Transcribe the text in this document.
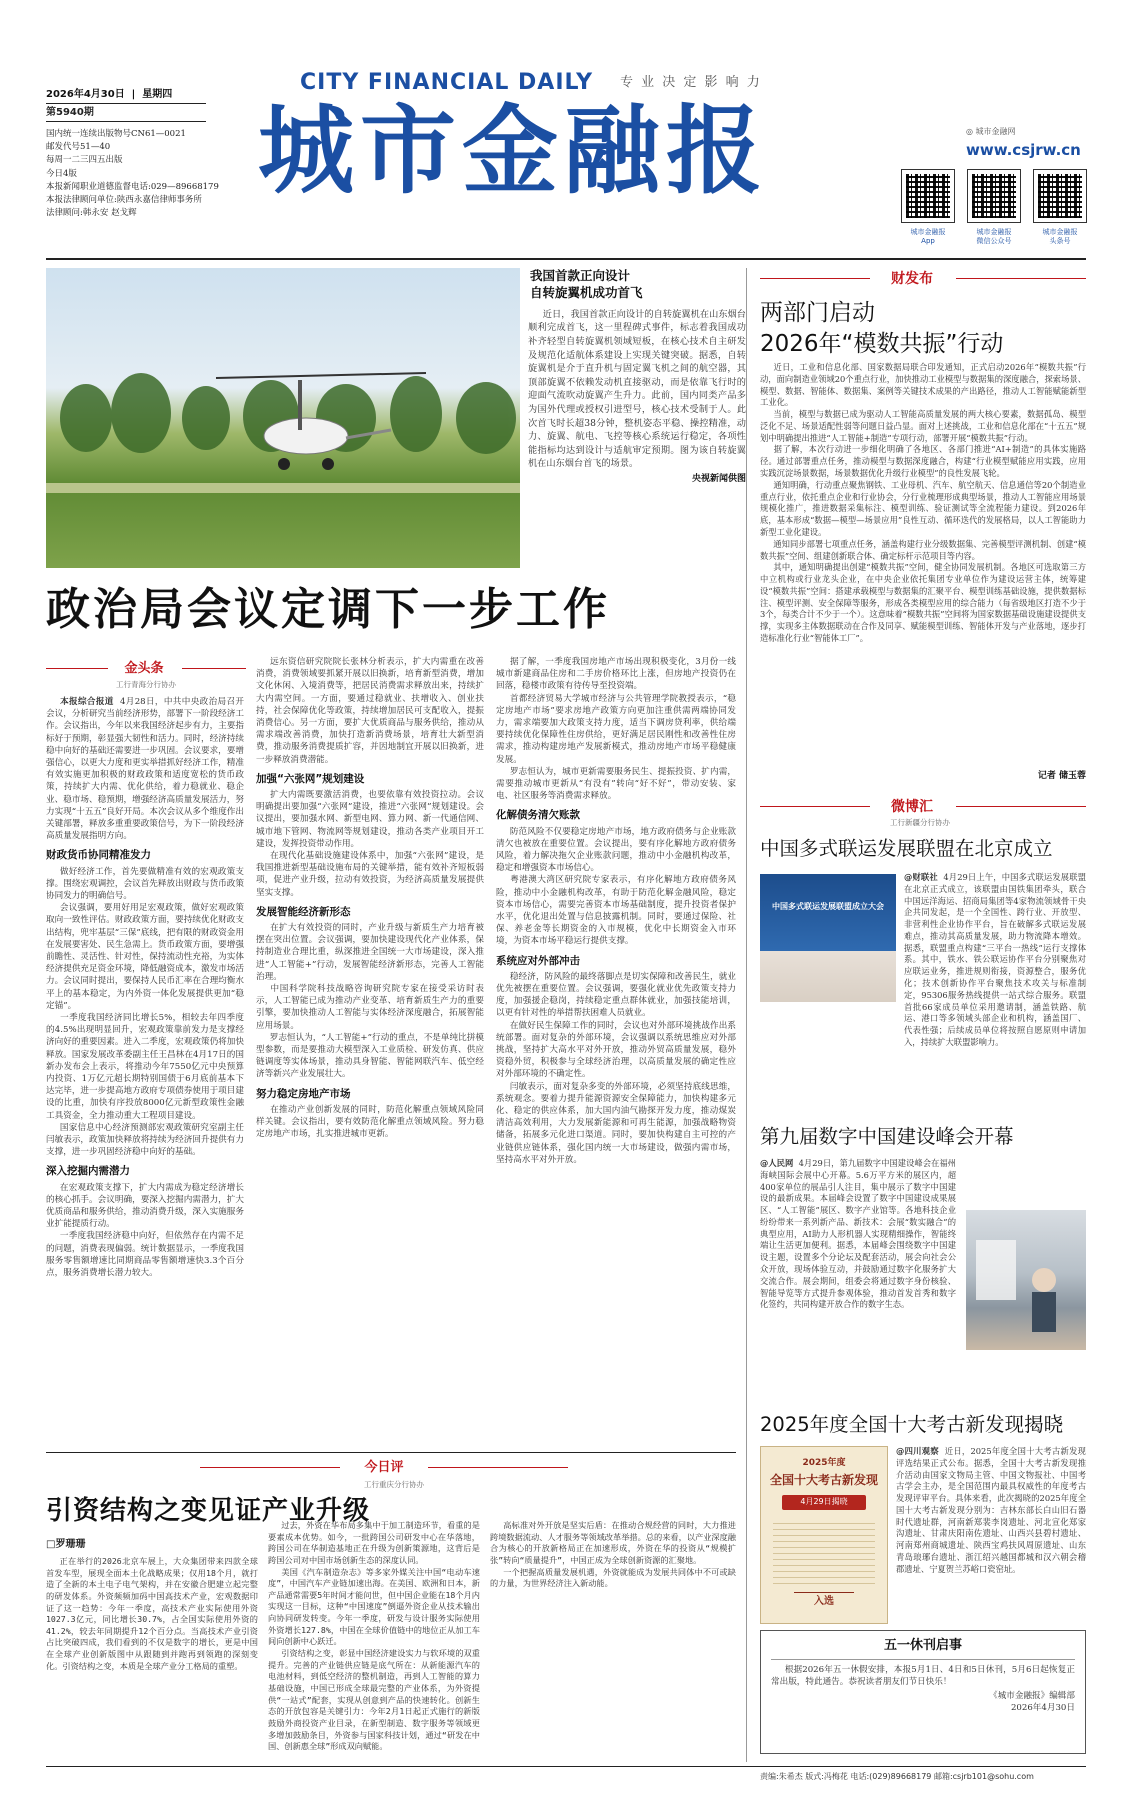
2026年4月30日  |  星期四
第5940期
国内统一连续出版物号CN61—0021
邮发代号51—40
每周一二三四五出版
今日4版
本报新闻职业道德监督电话:029—89668179
本报法律顾问单位:陕西永嘉信律师事务所
法律顾问:韩永安 赵戈辉
CITY FINANCIAL DAILY 专 业 决 定 影 响 力
城市金融报	◎ 城市金融网
www.csjrw.cn
城市金融报
App
城市金融报
微信公众号
城市金融报
头条号
我国首款正向设计
自转旋翼机成功首飞
近日，我国首款正向设计的自转旋翼机在山东烟台顺利完成首飞，这一里程碑式事件，标志着我国成功补齐轻型自转旋翼机领域短板，在核心技术自主研发及规范化适航体系建设上实现关键突破。据悉，自转旋翼机是介于直升机与固定翼飞机之间的航空器，其顶部旋翼不依赖发动机直接驱动，而是依靠飞行时的迎面气流吹动旋翼产生升力。此前，国内同类产品多为国外代理或授权引进型号，核心技术受制于人。此次首飞时长超38分钟，整机姿态平稳、操控精准，动力、旋翼、航电、飞控等核心系统运行稳定，各项性能指标均达到设计与适航审定预期。图为该自转旋翼机在山东烟台首飞的场景。
央视新闻供图
政治局会议定调下一步工作
金头条
工行青海分行协办
本报综合报道 4月28日，中共中央政治局召开会议，分析研究当前经济形势，部署下一阶段经济工作。会议指出，今年以来我国经济起步有力，主要指标好于预期，彰显强大韧性和活力。同时，经济持续稳中向好的基础还需要进一步巩固。会议要求，要增强信心，以更大力度和更实举措抓好经济工作，精准有效实施更加积极的财政政策和适度宽松的货币政策，持续扩大内需、优化供给，着力稳就业、稳企业、稳市场、稳预期，增强经济高质量发展活力，努力实现“十五五”良好开局。本次会议从多个维度作出关键部署，释放多重重要政策信号，为下一阶段经济高质量发展指明方向。
财政货币协同精准发力
做好经济工作，首先要做精准有效的宏观政策支撑。围绕宏观调控，会议首先释放出财政与货币政策协同发力的明确信号。
会议强调，要用好用足宏观政策，做好宏观政策取向一致性评估。财政政策方面，要持续优化财政支出结构，兜牢基层“三保”底线，把有限的财政资金用在发展要害处、民生急需上。货币政策方面，要增强前瞻性、灵活性、针对性，保持流动性充裕，为实体经济提供充足资金环境，降低融资成本，激发市场活力。会议同时提出，要保持人民币汇率在合理均衡水平上的基本稳定，为内外资一体化发展提供更加“稳定锚”。
一季度我国经济同比增长5%，相较去年四季度的4.5%出现明显回升，宏观政策靠前发力是支撑经济向好的重要因素。进入二季度，宏观政策仍将加快释放。国家发展改革委副主任王昌林在4月17日的国新办发布会上表示，将推动今年7550亿元中央预算内投资、1万亿元超长期特别国债于6月底前基本下达完毕，进一步提高地方政府专项债券使用于项目建设的比重，加快有序投放8000亿元新型政策性金融工具资金，全力推动重大工程项目建设。
国家信息中心经济预测部宏观政策研究室副主任闫敏表示，政策加快释放将持续为经济回升提供有力支撑，进一步巩固经济稳中向好的基础。
深入挖掘内需潜力
在宏观政策支撑下，扩大内需成为稳定经济增长的核心抓手。会议明确，要深入挖掘内需潜力，扩大优质商品和服务供给，推动消费升级，深入实施服务业扩能提质行动。
一季度我国经济稳中向好，但依然存在内需不足的问题，消费表现偏弱。统计数据显示，一季度我国服务零售额增速比同期商品零售额增速快3.3个百分点，服务消费增长潜力较大。
远东资信研究院院长张林分析表示，扩大内需重在改善消费，消费领域要抓紧开展以旧换新，培育新型消费，增加文化休闲、入境消费等，把居民消费需求释放出来，持续扩大内需空间。一方面，要通过稳就业、扶增收入、创业扶持，社会保障优化等政策，持续增加居民可支配收入，提振消费信心。另一方面，要扩大优质商品与服务供给，推动从需求端改善消费，加快打造新消费场景，培育壮大新型消费，推动服务消费提质扩容，并因地制宜开展以旧换新，进一步释放消费潜能。
加强“六张网”规划建设
扩大内需既要激活消费，也要依靠有效投资拉动。会议明确提出要加强“六张网”建设，推进“六张网”规划建设。会议提出，要加强水网、新型电网、算力网、新一代通信网、城市地下管网、物流网等规划建设，推动各类产业项目开工建设，发挥投资带动作用。
在现代化基础设施建设体系中，加强“六张网”建设，是我国推进新型基础设施布局的关键举措，能有效补齐短板弱项，促进产业升级，拉动有效投资，为经济高质量发展提供坚实支撑。
发展智能经济新形态
在扩大有效投资的同时，产业升级与新质生产力培育被摆在突出位置。会议强调，要加快建设现代化产业体系，保持制造业合理比重，纵深推进全国统一大市场建设，深入推进“人工智能+”行动，发展智能经济新形态，完善人工智能治理。
中国科学院科技战略咨询研究院专家在接受采访时表示，人工智能已成为推动产业变革、培育新质生产力的重要引擎，要加快推动人工智能与实体经济深度融合，拓展智能应用场景。
罗志恒认为，“人工智能+”行动的重点，不是单纯比拼模型参数，而是要推动大模型深入工业质检、研发仿真、供应链调度等实体场景，推动具身智能、智能网联汽车、低空经济等新兴产业发展壮大。
努力稳定房地产市场
在推动产业创新发展的同时，防范化解重点领域风险同样关键。会议指出，要有效防范化解重点领域风险。努力稳定房地产市场，扎实推进城市更新。
据了解，一季度我国房地产市场出现积极变化，3月份一线城市新建商品住房和二手房价格环比上涨，但房地产投资仍在回落，稳楼市政策有待传导至投资端。
首都经济贸易大学城市经济与公共管理学院教授表示，“稳定房地产市场”要求房地产政策方向更加注重供需两端协同发力，需求端要加大政策支持力度，适当下调房贷利率，供给端要持续优化保障性住房供给，更好满足居民刚性和改善性住房需求，推动构建房地产发展新模式，推动房地产市场平稳健康发展。
罗志恒认为，城市更新需要服务民生、提振投资、扩内需，需要推动城市更新从“有没有”转向“好不好”，带动安装、家电、社区服务等消费需求释放。
化解债务清欠账款
防范风险不仅要稳定房地产市场，地方政府债务与企业账款清欠也被放在重要位置。会议提出，要有序化解地方政府债务风险，着力解决拖欠企业账款问题，推动中小金融机构改革，稳定和增强资本市场信心。
粤港澳大湾区研究院专家表示，有序化解地方政府债务风险，推动中小金融机构改革，有助于防范化解金融风险，稳定资本市场信心，需要完善资本市场基础制度，提升投资者保护水平，优化退出处置与信息披露机制。同时，要通过保险、社保、养老金等长期资金的入市规模，优化中长期资金入市环境，为资本市场平稳运行提供支撑。
系统应对外部冲击
稳经济，防风险的最终落脚点是切实保障和改善民生，就业优先被摆在重要位置。会议强调，要强化就业优先政策支持力度，加强援企稳岗，持续稳定重点群体就业，加强技能培训，以更有针对性的举措帮扶困难人员就业。
在做好民生保障工作的同时，会议也对外部环境挑战作出系统部署。面对复杂的外部环境，会议强调以系统思维应对外部挑战，坚持扩大高水平对外开放，推动外贸高质量发展，稳外资稳外贸，积极参与全球经济治理，以高质量发展的确定性应对外部环境的不确定性。
闫敏表示，面对复杂多变的外部环境，必须坚持底线思维，系统观念。要着力提升能源资源安全保障能力，加快构建多元化、稳定的供应体系，加大国内油气勘探开发力度，推动煤炭清洁高效利用，大力发展新能源和可再生能源，加强战略物资储备，拓展多元化进口渠道。同时，要加快构建自主可控的产业链供应链体系，强化国内统一大市场建设，做强内需市场，坚持高水平对外开放。
今日评
工行重庆分行协办
引资结构之变见证产业升级
□罗珊珊
正在举行的2026北京车展上，大众集团带来四款全球首发车型，展现全面本土化战略成果；仅用18个月，就打造了全新的本土电子电气架构，并在安徽合肥建立起完整的研发体系。外资频频加码中国高技术产业，宏观数据印证了这一趋势：今年一季度，高技术产业实际使用外资1027.3亿元，同比增长30.7%，占全国实际使用外资的41.2%，较去年同期提升12个百分点。当高技术产业引资占比突破四成，我们看到的不仅是数字的增长，更是中国在全球产业创新版图中从跟随到并跑再到领跑的深刻变化。引资结构之变，本质是全球产业分工格局的重塑。
过去，外资在华布局多集中于加工制造环节，看重的是要素成本优势。如今，一批跨国公司研发中心在华落地，跨国公司在华制造基地正在升级为创新策源地，这背后是跨国公司对中国市场创新生态的深度认同。
美国《汽车制造杂志》等多家外媒关注中国“电动车速度”，中国汽车产业链加速出海。在美国、欧洲和日本，新产品通常需要5年时间才能问世，但中国企业能在18个月内实现这一目标，这种“中国速度”倒逼外资企业从技术输出向协同研发转变。今年一季度，研发与设计服务实际使用外资增长127.8%，中国在全球价值链中的地位正从加工车间向创新中心跃迁。
引资结构之变，彰显中国经济建设实力与软环境的双重提升。完善的产业链供应链是底气所在：从新能源汽车的电池材料，到低空经济的整机制造，再到人工智能的算力基础设施，中国已形成全球最完整的产业体系，为外资提供“一站式”配套，实现从创意到产品的快速转化。创新生态的开放包容是关键引力：今年2月1日起正式施行的新版鼓励外商投资产业目录，在新型制造、数字服务等领域更多增加鼓励条目，外资参与国家科技计划，通过“研发在中国、创新惠全球”形成双向赋能。
高标准对外开放是坚实后盾：在推动合规经营的同时，大力推进跨境数据流动、人才服务等领域改革举措。总的来看，以产业深度融合为核心的开放新格局正在加速形成，外资在华的投资从“规模扩张”转向“质量提升”，中国正成为全球创新资源的汇聚地。
一个把握高质量发展机遇，外资就能成为发展共同体中不可或缺的力量，为世界经济注入新动能。
财发布
两部门启动
2026年“模数共振”行动
近日，工业和信息化部、国家数据局联合印发通知，正式启动2026年“模数共振”行动，面向制造业领域20个重点行业，加快推动工业模型与数据集的深度融合，探索场景、模型、数据、智能体、数据集、案例等关键技术成果的产出路径，推动人工智能赋能新型工业化。
当前，模型与数据已成为驱动人工智能高质量发展的两大核心要素，数据孤岛、模型泛化不足、场景适配性弱等问题日益凸显。面对上述挑战，工业和信息化部在“十五五”规划中明确提出推进“人工智能+制造”专项行动，部署开展“模数共振”行动。
据了解，本次行动进一步细化明确了各地区、各部门推进“AI+制造”的具体实施路径。通过部署重点任务，推动模型与数据深度融合，构建“行业模型赋能应用实践，应用实践沉淀场景数据，场景数据优化升级行业模型”的良性发展飞轮。
通知明确，行动重点聚焦钢铁、工业母机、汽车、航空航天、信息通信等20个制造业重点行业，依托重点企业和行业协会，分行业梳理形成典型场景，推动人工智能应用场景规模化推广，推进数据采集标注、模型训练、验证测试等全流程能力建设。到2026年底，基本形成“数据—模型—场景应用”良性互动、循环迭代的发展格局，以人工智能助力新型工业化建设。
通知同步部署七项重点任务，涵盖构建行业分级数据集、完善模型评测机制、创建“模数共振”空间、组建创新联合体、确定标杆示范项目等内容。
其中，通知明确提出创建“模数共振”空间，健全协同发展机制。各地区可选取第三方中立机构或行业龙头企业，在中央企业依托集团专业单位作为建设运营主体，统筹建设“模数共振”空间：搭建承载模型与数据集的汇聚平台、模型训练基础设施，提供数据标注、模型评测、安全保障等服务，形成各类模型应用的综合能力（每省级地区打造不少于3个，每类合计不少于一个）。这意味着“模数共振”空间将为国家数据基础设施建设提供支撑，实现多主体数据联动在合作及同享、赋能模型训练、智能体开发与产业落地，逐步打造标准化行业“智能体工厂”。
记者 储玉蓉
微博汇
工行新疆分行协办
中国多式联运发展联盟在北京成立
中国多式联运发展联盟成立大会
@财联社 4月29日上午，中国多式联运发展联盟在北京正式成立，该联盟由国铁集团牵头，联合中国远洋海运、招商局集团等4家物流领域骨干央企共同发起，是一个全国性、跨行业、开放型、非营利性企业协作平台，旨在破解多式联运发展难点，推动其高质量发展，助力物流降本增效。据悉，联盟重点构建“三平台一热线”运行支撑体系。其中，铁水、铁公联运协作平台分别聚焦对应联运业务，推进规则衔接，资源整合，服务优化；技术创新协作平台聚焦技术攻关与标准制定，95306服务热线提供一站式综合服务。联盟首批66家成员单位采用邀请制，涵盖铁路、航运、港口等多领域头部企业和机构，涵盖国厂、代表性强；后续成员单位将按照自愿原则申请加入，持续扩大联盟影响力。
第九届数字中国建设峰会开幕
@人民网 4月29日，第九届数字中国建设峰会在福州海峡国际会展中心开幕。5.6万平方米的展区内，超400家单位的展品引人注目，集中展示了数字中国建设的最新成果。本届峰会设置了数字中国建设成果展区、“人工智能”展区、数字产业馆等。各地科技企业纷纷带来一系列新产品、新技术：会展“数实融合”的典型应用，AI助力人形机器人实现精细操作，智能终端让生活更加便利。据悉，本届峰会围绕数字中国建设主题，设置多个分论坛及配套活动，展会向社会公众开放，现场体验互动，并鼓励通过数字化服务扩大交流合作。展会期间，组委会将通过数字身份核验、智能导览等方式提升参观体验，推动首发首秀和数字化签约，共同构建开放合作的数字生态。
2025年度全国十大考古新发现揭晓
2025年度
全国十大考古新发现
4月29日揭晓
入选
@四川观察 近日，2025年度全国十大考古新发现评选结果正式公布。据悉，全国十大考古新发现推介活动由国家文物局主管、中国文物报社、中国考古学会主办，是全国范围内最具权威性的年度考古发现评审平台。具体来看，此次揭晓的2025年度全国十大考古新发现分别为：吉林东部长白山旧石器时代遗址群，河南新郑裴李岗遗址、河北宣化郑家沟遗址、甘肃庆阳南佐遗址、山西兴县碧村遗址、河南郑州商城遗址、陕西宝鸡扶风周原遗址、山东青岛琅琊台遗址、浙江绍兴越国都城和汉六朝会稽郡遗址、宁夏贺兰苏峪口瓷窑址。
五一休刊启事
根据2026年五一休假安排，本报5月1日、4日和5日休刊，5月6日起恢复正常出版，特此通告。恭祝读者朋友们节日快乐！
《城市金融报》编辑部
2026年4月30日
责编:朱希杰 版式:冯梅花 电话:(029)89668179 邮箱:csjrb101@sohu.com
